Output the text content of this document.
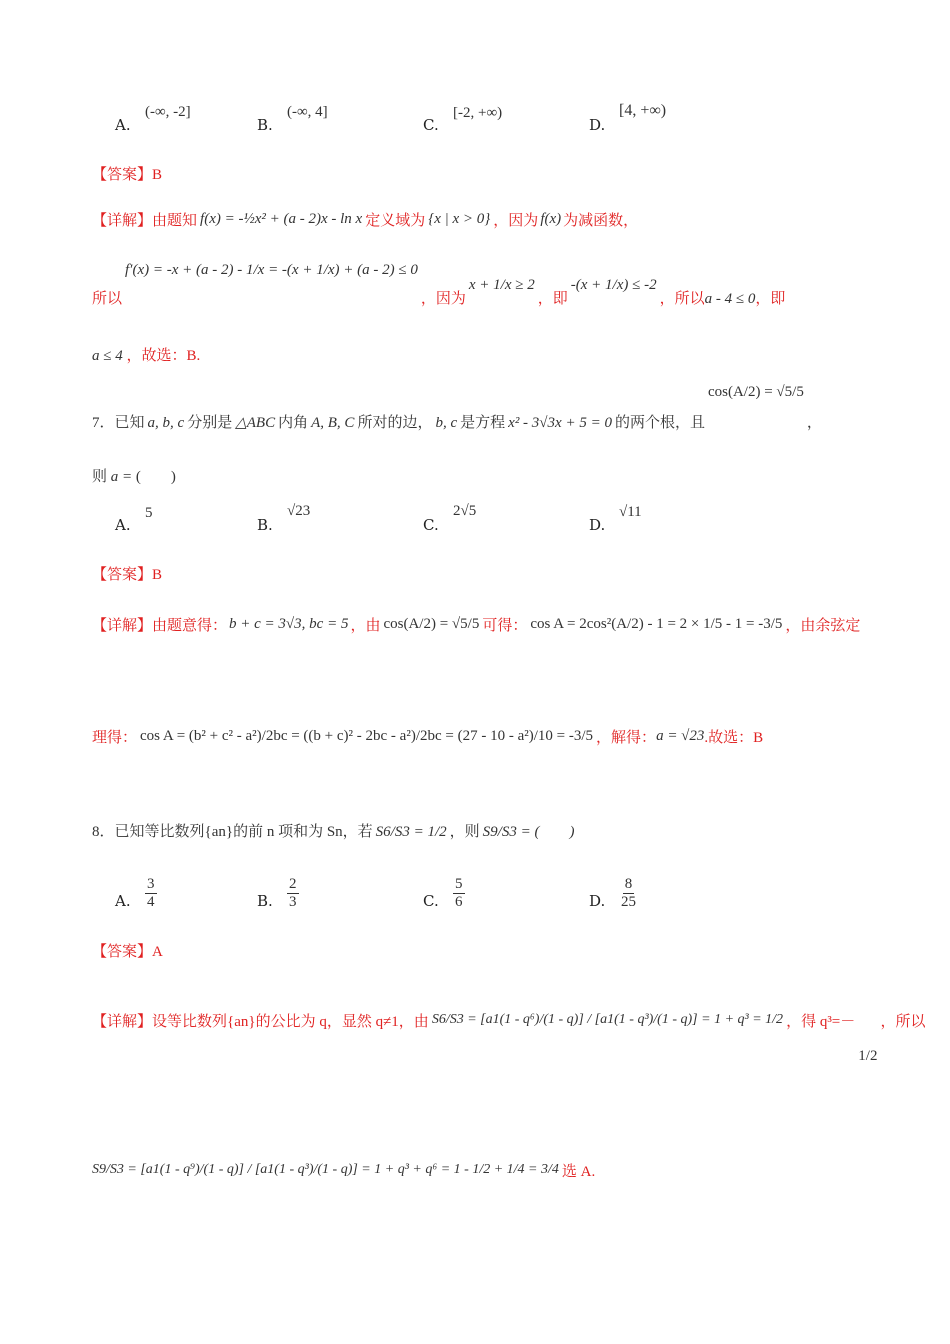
A.
(-∞, -2]
B.
(-∞, 4]
C.
[-2, +∞)
D.
[4, +∞)
【答案】B
【详解】 由题知 f(x) = -½x² + (a - 2)x - ln x 定义域为 {x | x > 0} ，因为 f(x) 为减函数，
所以
f′(x) = -x + (a - 2) - 1/x = -(x + 1/x) + (a - 2) ≤ 0
，因为
x + 1/x ≥ 2
，即
-(x + 1/x) ≤ -2
，所以 a - 4 ≤ 0 ，即
a ≤ 4 ，故选：B.
7． 已知 a, b, c 分别是 △ABC 内角 A, B, C 所对的边， b, c 是方程 x² - 3√3x + 5 = 0 的两个根，且
cos(A/2) = √5/5
，
则 a = (　　)
A.
5
B.
√23
C.
2√5
D.
√11
【答案】B
【详解】 由题意得： b + c = 3√3, bc = 5 ，由 cos(A/2) = √5/5 可得： cos A = 2cos²(A/2) - 1 = 2 × 1/5 - 1 = -3/5 ，由余弦定
理得： cos A = (b² + c² - a²)/2bc = ((b + c)² - 2bc - a²)/2bc = (27 - 10 - a²)/10 = -3/5 ，解得： a = √23 .故选：B
8． 已知等比数列{an}的前 n 项和为 Sn，若 S6/S3 = 1/2 ，则 S9/S3 = (　　)
A. $\frac{3}{4}$	B. $\frac{2}{3}$	C. $\frac{5}{6}$	D. $\frac{8}{25}$
【答案】A
【详解】 设等比数列{an}的公比为 q，显然 q≠1，由 S6/S3 = [a1(1 - q⁶)/(1 - q)] / [a1(1 - q³)/(1 - q)] = 1 + q³ = 1/2 ，得 q³=－
1/2
，所以
S9/S3 = [a1(1 - q⁹)/(1 - q)] / [a1(1 - q³)/(1 - q)] = 1 + q³ + q⁶ = 1 - 1/2 + 1/4 = 3/4 选 A.
